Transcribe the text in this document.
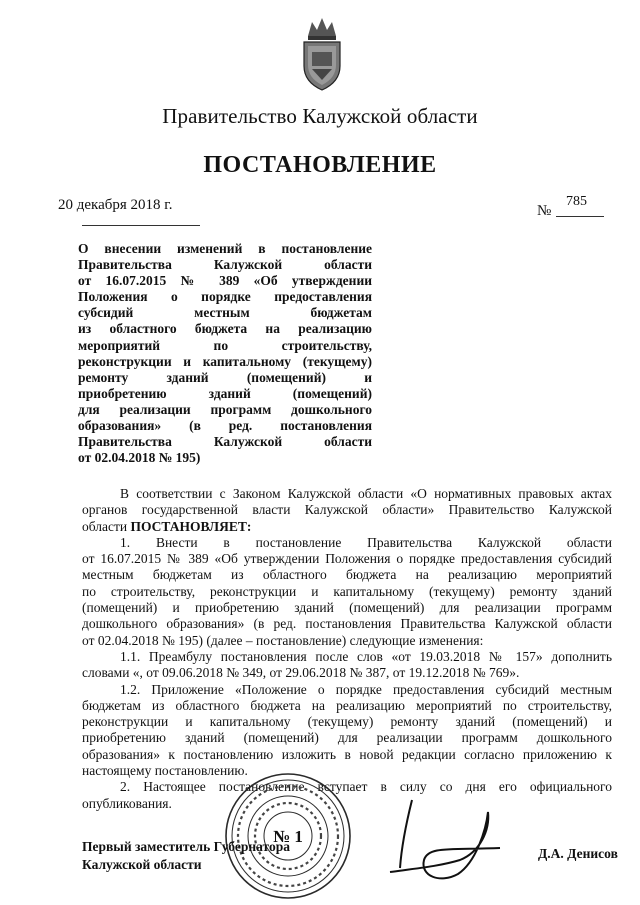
Правительство Калужской области
ПОСТАНОВЛЕНИЕ
20 декабря 2018 г.	№
785
О внесении изменений в постановление
Правительства Калужской области
от 16.07.2015 № 389 «Об утверждении
Положения о порядке предоставления
субсидий местным бюджетам
из областного бюджета на реализацию
мероприятий по строительству,
реконструкции и капитальному (текущему)
ремонту зданий (помещений) и
приобретению зданий (помещений)
для реализации программ дошкольного
образования» (в ред. постановления
Правительства Калужской области
от 02.04.2018 № 195)
В соответствии с Законом Калужской области «О нормативных правовых актах
органов государственной власти Калужской области» Правительство Калужской
области ПОСТАНОВЛЯЕТ:
1. Внести в постановление Правительства Калужской области
от 16.07.2015 № 389 «Об утверждении Положения о порядке предоставления субсидий
местным бюджетам из областного бюджета на реализацию мероприятий
по строительству, реконструкции и капитальному (текущему) ремонту зданий
(помещений) и приобретению зданий (помещений) для реализации программ
дошкольного образования» (в ред. постановления Правительства Калужской области
от 02.04.2018 № 195) (далее – постановление) следующие изменения:
1.1. Преамбулу постановления после слов «от 19.03.2018 № 157» дополнить
словами «, от 09.06.2018 № 349, от 29.06.2018 № 387, от 19.12.2018 № 769».
1.2. Приложение «Положение о порядке предоставления субсидий местным
бюджетам из областного бюджета на реализацию мероприятий по строительству,
реконструкции и капитальному (текущему) ремонту зданий (помещений) и
приобретению зданий (помещений) для реализации программ дошкольного
образования» к постановлению изложить в новой редакции согласно приложению к
настоящему постановлению.
2. Настоящее постановление вступает в силу со дня его официального
опубликования.
№ 1
Первый заместитель Губернатора
Калужской области
Д.А. Денисов
